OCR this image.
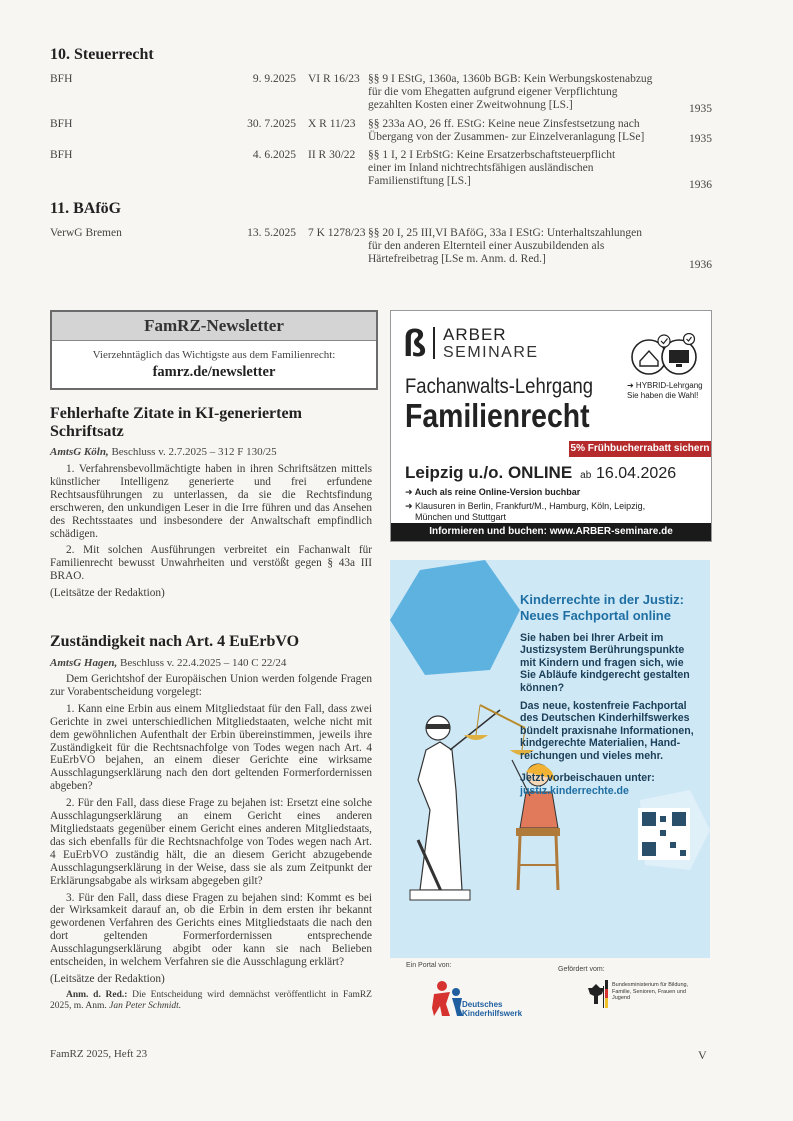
10. Steuerrecht
BFH	9. 9.2025 VI R 16/23 §§ 9 I EStG, 1360a, 1360b BGB: Kein Werbungskostenabzug
für die vom Ehegatten aufgrund eigener Verpflichtung
gezahlten Kosten einer Zweitwohnung [LS.]	1935
BFH	30. 7.2025 X R 11/23 §§ 233a AO, 26 ff. EStG: Keine neue Zinsfestsetzung nach
Übergang von der Zusammen- zur Einzelveranlagung [LSe]	1935
BFH	4. 6.2025 II R 30/22 §§ 1 I, 2 I ErbStG: Keine Ersatzerbschaftsteuerpflicht
einer im Inland nichtrechtsfähigen ausländischen
Familienstiftung [LS.]	1936
11. BAföG
VerwG Bremen	13. 5.2025 7 K 1278/23 §§ 20 I, 25 III,VI BAföG, 33a I EStG: Unterhaltszahlungen
für den anderen Elternteil einer Auszubildenden als
Härtefreibetrag [LSe m. Anm. d. Red.]	1936
FamRZ-Newsletter
Vierzehntäglich das Wichtigste aus dem Familienrecht:
famrz.de/newsletter
Fehlerhafte Zitate in KI-generiertem
Schriftsatz
AmtsG Köln, Beschluss v. 2.7.2025 – 312 F 130/25

1. Verfahrensbevollmächtigte haben in ihren Schriftsätzen mittels künstlicher Intelligenz generierte und frei erfundene Rechtsausführungen zu unterlassen, da sie die Rechtsfindung erschweren, den unkundigen Leser in die Irre führen und das Ansehen des Rechtsstaates und insbesondere der Anwaltschaft empfindlich schädigen.

2. Mit solchen Ausführungen verbreitet ein Fachanwalt für Familienrecht bewusst Unwahrheiten und verstößt gegen § 43a III BRAO.

(Leitsätze der Redaktion)

Zuständigkeit nach Art. 4 EuErbVO
AmtsG Hagen, Beschluss v. 22.4.2025 – 140 C 22/24

Dem Gerichtshof der Europäischen Union werden folgende Fragen zur Vorabentscheidung vorgelegt:

1. Kann eine Erbin aus einem Mitgliedstaat für den Fall, dass zwei Gerichte in zwei unterschiedlichen Mitgliedstaaten, welche nicht mit dem gewöhnlichen Aufenthalt der Erbin übereinstimmen, jeweils ihre Zuständigkeit für die Rechtsnachfolge von Todes wegen nach Art. 4 EuErbVO bejahen, an einem dieser Gerichte eine wirksame Ausschlagungserklärung nach den dort geltenden Formerfordernissen abgeben?

2. Für den Fall, dass diese Frage zu bejahen ist: Ersetzt eine solche Ausschlagungserklärung an einem Gericht eines anderen Mitgliedstaats gegenüber einem Gericht eines anderen Mitgliedstaats, das sich ebenfalls für die Rechtsnachfolge von Todes wegen nach Art. 4 EuErbVO zuständig hält, die an diesem Gericht abzugebende Ausschlagungserklärung in der Weise, dass sie als zum Zeitpunkt der Erklärungsabgabe als wirksam abgegeben gilt?

3. Für den Fall, dass diese Fragen zu bejahen sind: Kommt es bei der Wirksamkeit darauf an, ob die Erbin in dem ersten ihr bekannt gewordenen Verfahren des Gerichts eines Mitgliedstaats die nach den dort geltenden Formerfordernissen entsprechende Ausschlagungserklärung abgibt oder kann sie nach Belieben entscheiden, in welchem Verfahren sie die Ausschlagung erklärt?

(Leitsätze der Redaktion)

Anm. d. Red.: Die Entscheidung wird demnächst veröffentlicht in FamRZ 2025, m. Anm. Jan Peter Schmidt.

ß ARBER
SEMINARE
Fachanwalts-Lehrgang
Familienrecht
➜ HYBRID-Lehrgang
Sie haben die Wahl!
5% Frühbucherrabatt sichern
Leipzig u./o. ONLINE ab 16.04.2026
➜ Auch als reine Online-Version buchbar
➜ Klausuren in Berlin, Frankfurt/M., Hamburg, Köln, Leipzig,
München und Stuttgart
Informieren und buchen: www.ARBER-seminare.de
Kinderrechte in der Justiz:
Neues Fachportal online
Sie haben bei Ihrer Arbeit im
Justizsystem Berührungspunkte
mit Kindern und fragen sich, wie
Sie Abläufe kindgerecht gestalten
können?
Das neue, kostenfreie Fachportal
des Deutschen Kinderhilfswerkes
bündelt praxisnahe Informationen,
kindgerechte Materialien, Hand-
reichungen und vieles mehr.
Jetzt vorbeischauen unter:
justiz.kinderrechte.de
Ein Portal von:
Gefördert vom:
Deutsches
Kinderhilfswerk
Bundesministerium für Bildung, Familie, Senioren, Frauen und Jugend
FamRZ 2025, Heft 23	V
